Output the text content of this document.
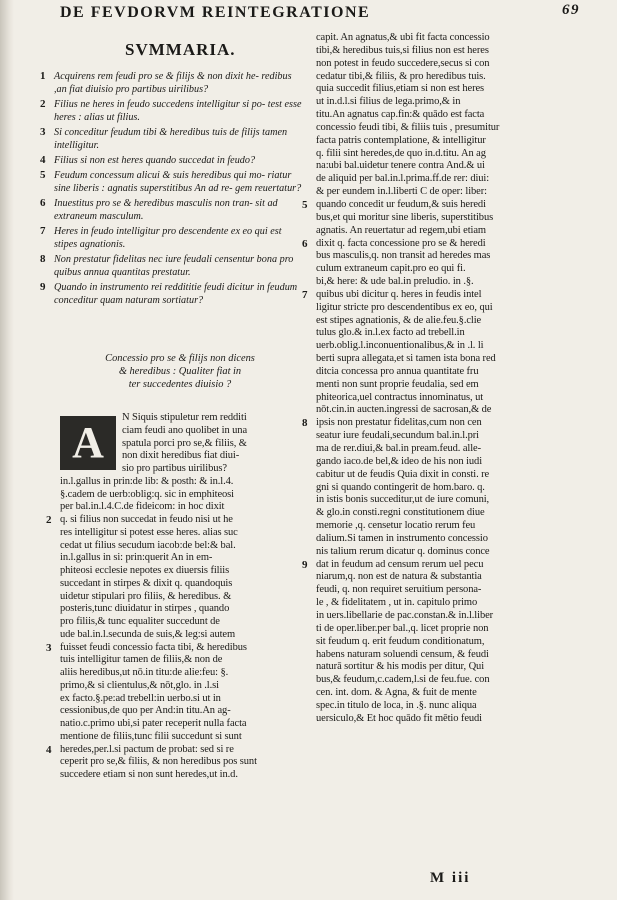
DE FEVDORVM REINTEGRATIONE	69
SVMMARIA.
1 Acquirens rem feudi pro se & filijs & non dixit he- redibus ,an fiat diuisio pro partibus uirilibus?
2 Filius ne heres in feudo succedens intelligitur si po- test esse heres : alias ut filius.
3 Si conceditur feudum tibi & heredibus tuis de filijs tamen intelligitur.
4 Filius si non est heres quando succedat in feudo?
5 Feudum concessum alicui & suis heredibus qui mo- riatur sine liberis : agnatis superstitibus An ad re- gem reuertatur?
6 Inuestitus pro se & heredibus masculis non tran- sit ad extraneum masculum.
7 Heres in feudo intelligitur pro descendente ex eo qui est stipes agnationis.
8 Non prestatur fidelitas nec iure feudali censentur bona pro quibus annua quantitas prestatur.
9 Quando in instrumento rei reddititie feudi dicitur in feudum conceditur quam naturam sortiatur?
Concessio pro se & filijs non dicens
& heredibus : Qualiter fiat in
ter succedentes diuisio ?
A
N Siquis stipuletur rem redditi
ciam feudi ano quolibet in una
spatula porci pro se,& filiis, &
non dixit heredibus fiat diui-
sio pro partibus uirilibus?
in.l.gallus in prin:de lib: & posth: & in.l.4.
§.cadem de uerb:oblig:q. sic in emphiteosi
per bal.in.l.4.C.de fideicom: in hoc dixit
2 q. si filius non succedat in feudo nisi ut he
res intelligitur si potest esse heres. alias suc
cedat ut filius secudum iacob:de bel:& bal.
in.l.gallus in si: prin:querit An in em-
phiteosi ecclesie nepotes ex diuersis filiis
succedant in stirpes & dixit q. quandoquis
uidetur stipulari pro filiis, & heredibus. &
posteris,tunc diuidatur in stirpes , quando
pro filiis,& tunc equaliter succedunt de
ude bal.in.l.secunda de suis,& leg:si autem
3 fuisset feudi concessio facta tibi, & heredibus
tuis intelligitur tamen de filiis,& non de
aliis heredibus,ut nō.in titu:de alie:feu: §.
primo,& si clientulus,& nōt,glo. in .l.si
ex facto.§.pe:ad trebell:in uerbo.si ut in
cessionibus,de quo per And:in titu.An ag-
natio.c.primo ubi,si pater receperit nulla facta
mentione de filiis,tunc filii succedunt si sunt
4 heredes,per.l.si pactum de probat: sed si re
ceperit pro se,& filiis, & non heredibus pos sunt
succedere etiam si non sunt heredes,ut in.d.
capit. An agnatus,& ubi fit facta concessio
tibi,& heredibus tuis,si filius non est heres
non potest in feudo succedere,secus si con
cedatur tibi,& filiis, & pro heredibus tuis.
quia succedit filius,etiam si non est heres
ut in.d.l.si filius de lega.primo,& in
titu.An agnatus cap.fin:& quādo est facta
concessio feudi tibi, & filiis tuis , presumitur
facta patris contemplatione, & intelligitur
q. filii sint heredes,de quo in.d.titu. An ag
na:ubi bal.uidetur tenere contra And.& ui
de aliquid per bal.in.l.prima.ff.de rer: diui:
& per eundem in.l.liberti C de oper: liber:
5 quando concedit ur feudum,& suis heredi
bus,et qui moritur sine liberis, superstitibus
agnatis. An reuertatur ad regem,ubi etiam
6 dixit q. facta concessione pro se & heredi
bus masculis,q. non transit ad heredes mas
culum extraneum capit.pro eo qui fi.
bi,& here: & ude bal.in preludio. in .§.
7 quibus ubi dicitur q. heres in feudis intel
ligitur stricte pro descendentibus ex eo, qui
est stipes agnationis, & de alie.feu.§.clie
tulus glo.& in.l.ex facto ad trebell.in
uerb.oblig.l.inconuentionalibus,& in .l. li
berti supra allegata,et si tamen ista bona red
ditcia concessa pro annua quantitate fru
menti non sunt proprie feudalia, sed em
phiteorica,uel contractus innominatus, ut
nōt.cin.in aucten.ingressi de sacrosan,& de
8 ipsis non prestatur fidelitas,cum non cen
seatur iure feudali,secundum bal.in.l.pri
ma de rer.diui,& bal.in pream.feud. alle-
gando iaco.de bel,& ideo de his non iudi
cabitur ut de feudis Quia dixit in consti. re
gni si quando contingerit de hom.baro. q.
in istis bonis succeditur,ut de iure comuni,
& glo.in consti.regni constitutionem diue
memorie ,q. censetur locatio rerum feu
dalium.Si tamen in instrumento concessio
nis talium rerum dicatur q. dominus conce
9 dat in feudum ad censum rerum uel pecu
niarum,q. non est de natura & substantia
feudi, q. non requiret seruitium persona-
le , & fidelitatem , ut in. capitulo primo
in uers.libellarie de pac.constan.& in.l.liber
ti de oper.liber.per bal.,q. licet proprie non
sit feudum q. erit feudum conditionatum,
habens naturam soluendi censum, & feudi
naturā sortitur & his modis per ditur, Qui
bus,& feudum,c.cadem,l.si de feu.fue. con
cen. int. dom. & Agna, & fuit de mente
spec.in titulo de loca, in .§. nunc aliqua
uersiculo,& Et hoc quādo fit mētio feudi
M iii
